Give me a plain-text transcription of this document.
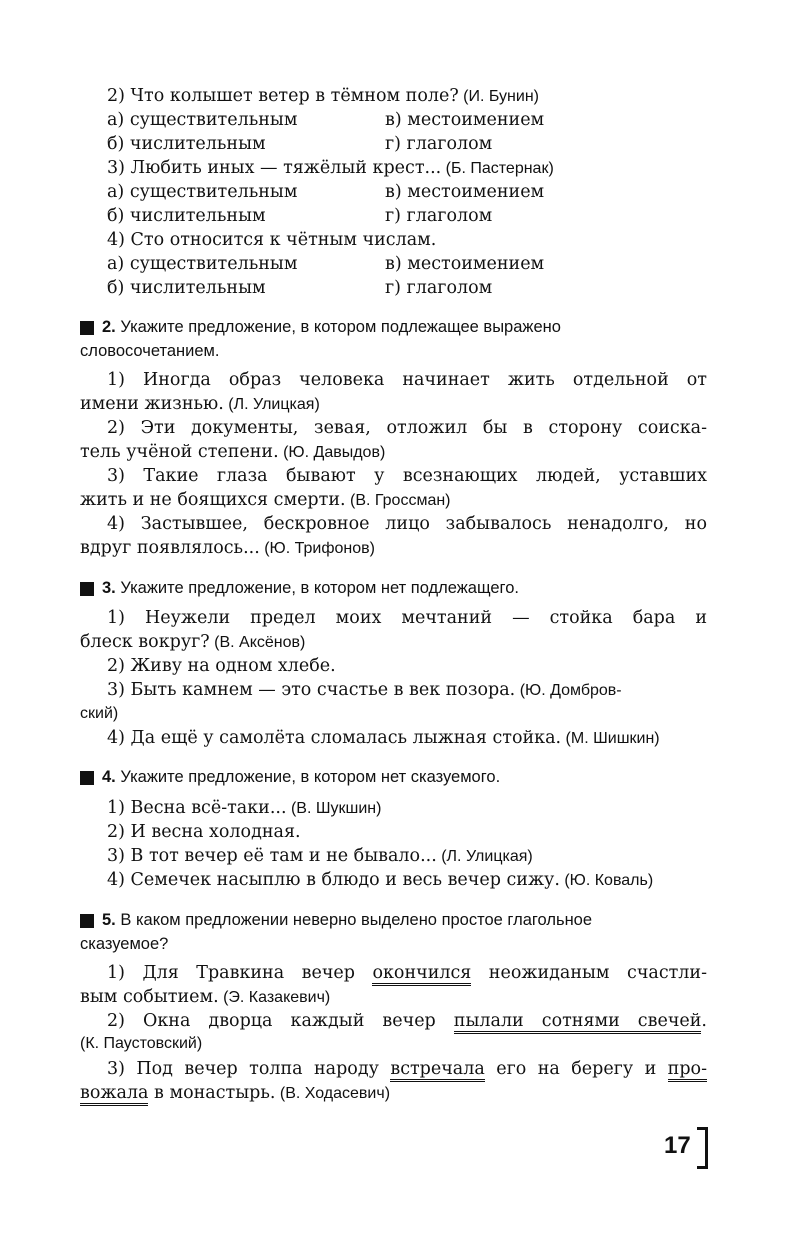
2) Что колышет ветер в тёмном поле? (И. Бунин)
а) существительным	в) местоимением
б) числительным	г) глаголом
3) Любить иных — тяжёлый крест... (Б. Пастернак)
а) существительным	в) местоимением
б) числительным	г) глаголом
4) Сто относится к чётным числам.
а) существительным	в) местоимением
б) числительным	г) глаголом
2. Укажите предложение, в котором подлежащее выражено
словосочетанием.
1) Иногда образ человека начинает жить отдельной от
имени жизнью. (Л. Улицкая)
2) Эти документы, зевая, отложил бы в сторону соиска-
тель учёной степени. (Ю. Давыдов)
3) Такие глаза бывают у всезнающих людей, уставших
жить и не боящихся смерти. (В. Гроссман)
4) Застывшее, бескровное лицо забывалось ненадолго, но
вдруг появлялось... (Ю. Трифонов)
3. Укажите предложение, в котором нет подлежащего.
1) Неужели предел моих мечтаний — стойка бара и
блеск вокруг? (В. Аксёнов)
2) Живу на одном хлебе.
3) Быть камнем — это счастье в век позора. (Ю. Домбров-
ский)
4) Да ещё у самолёта сломалась лыжная стойка. (М. Шишкин)
4. Укажите предложение, в котором нет сказуемого.
1) Весна всё-таки... (В. Шукшин)
2) И весна холодная.
3) В тот вечер её там и не бывало... (Л. Улицкая)
4) Семечек насыплю в блюдо и весь вечер сижу. (Ю. Коваль)
5. В каком предложении неверно выделено простое глагольное
сказуемое?
1) Для Травкина вечер окончился неожиданым счастли-
вым событием. (Э. Казакевич)
2) Окна дворца каждый вечер пылали сотнями свечей.
(К. Паустовский)
3) Под вечер толпа народу встречала его на берегу и про-
вожала в монастырь. (В. Ходасевич)
17
